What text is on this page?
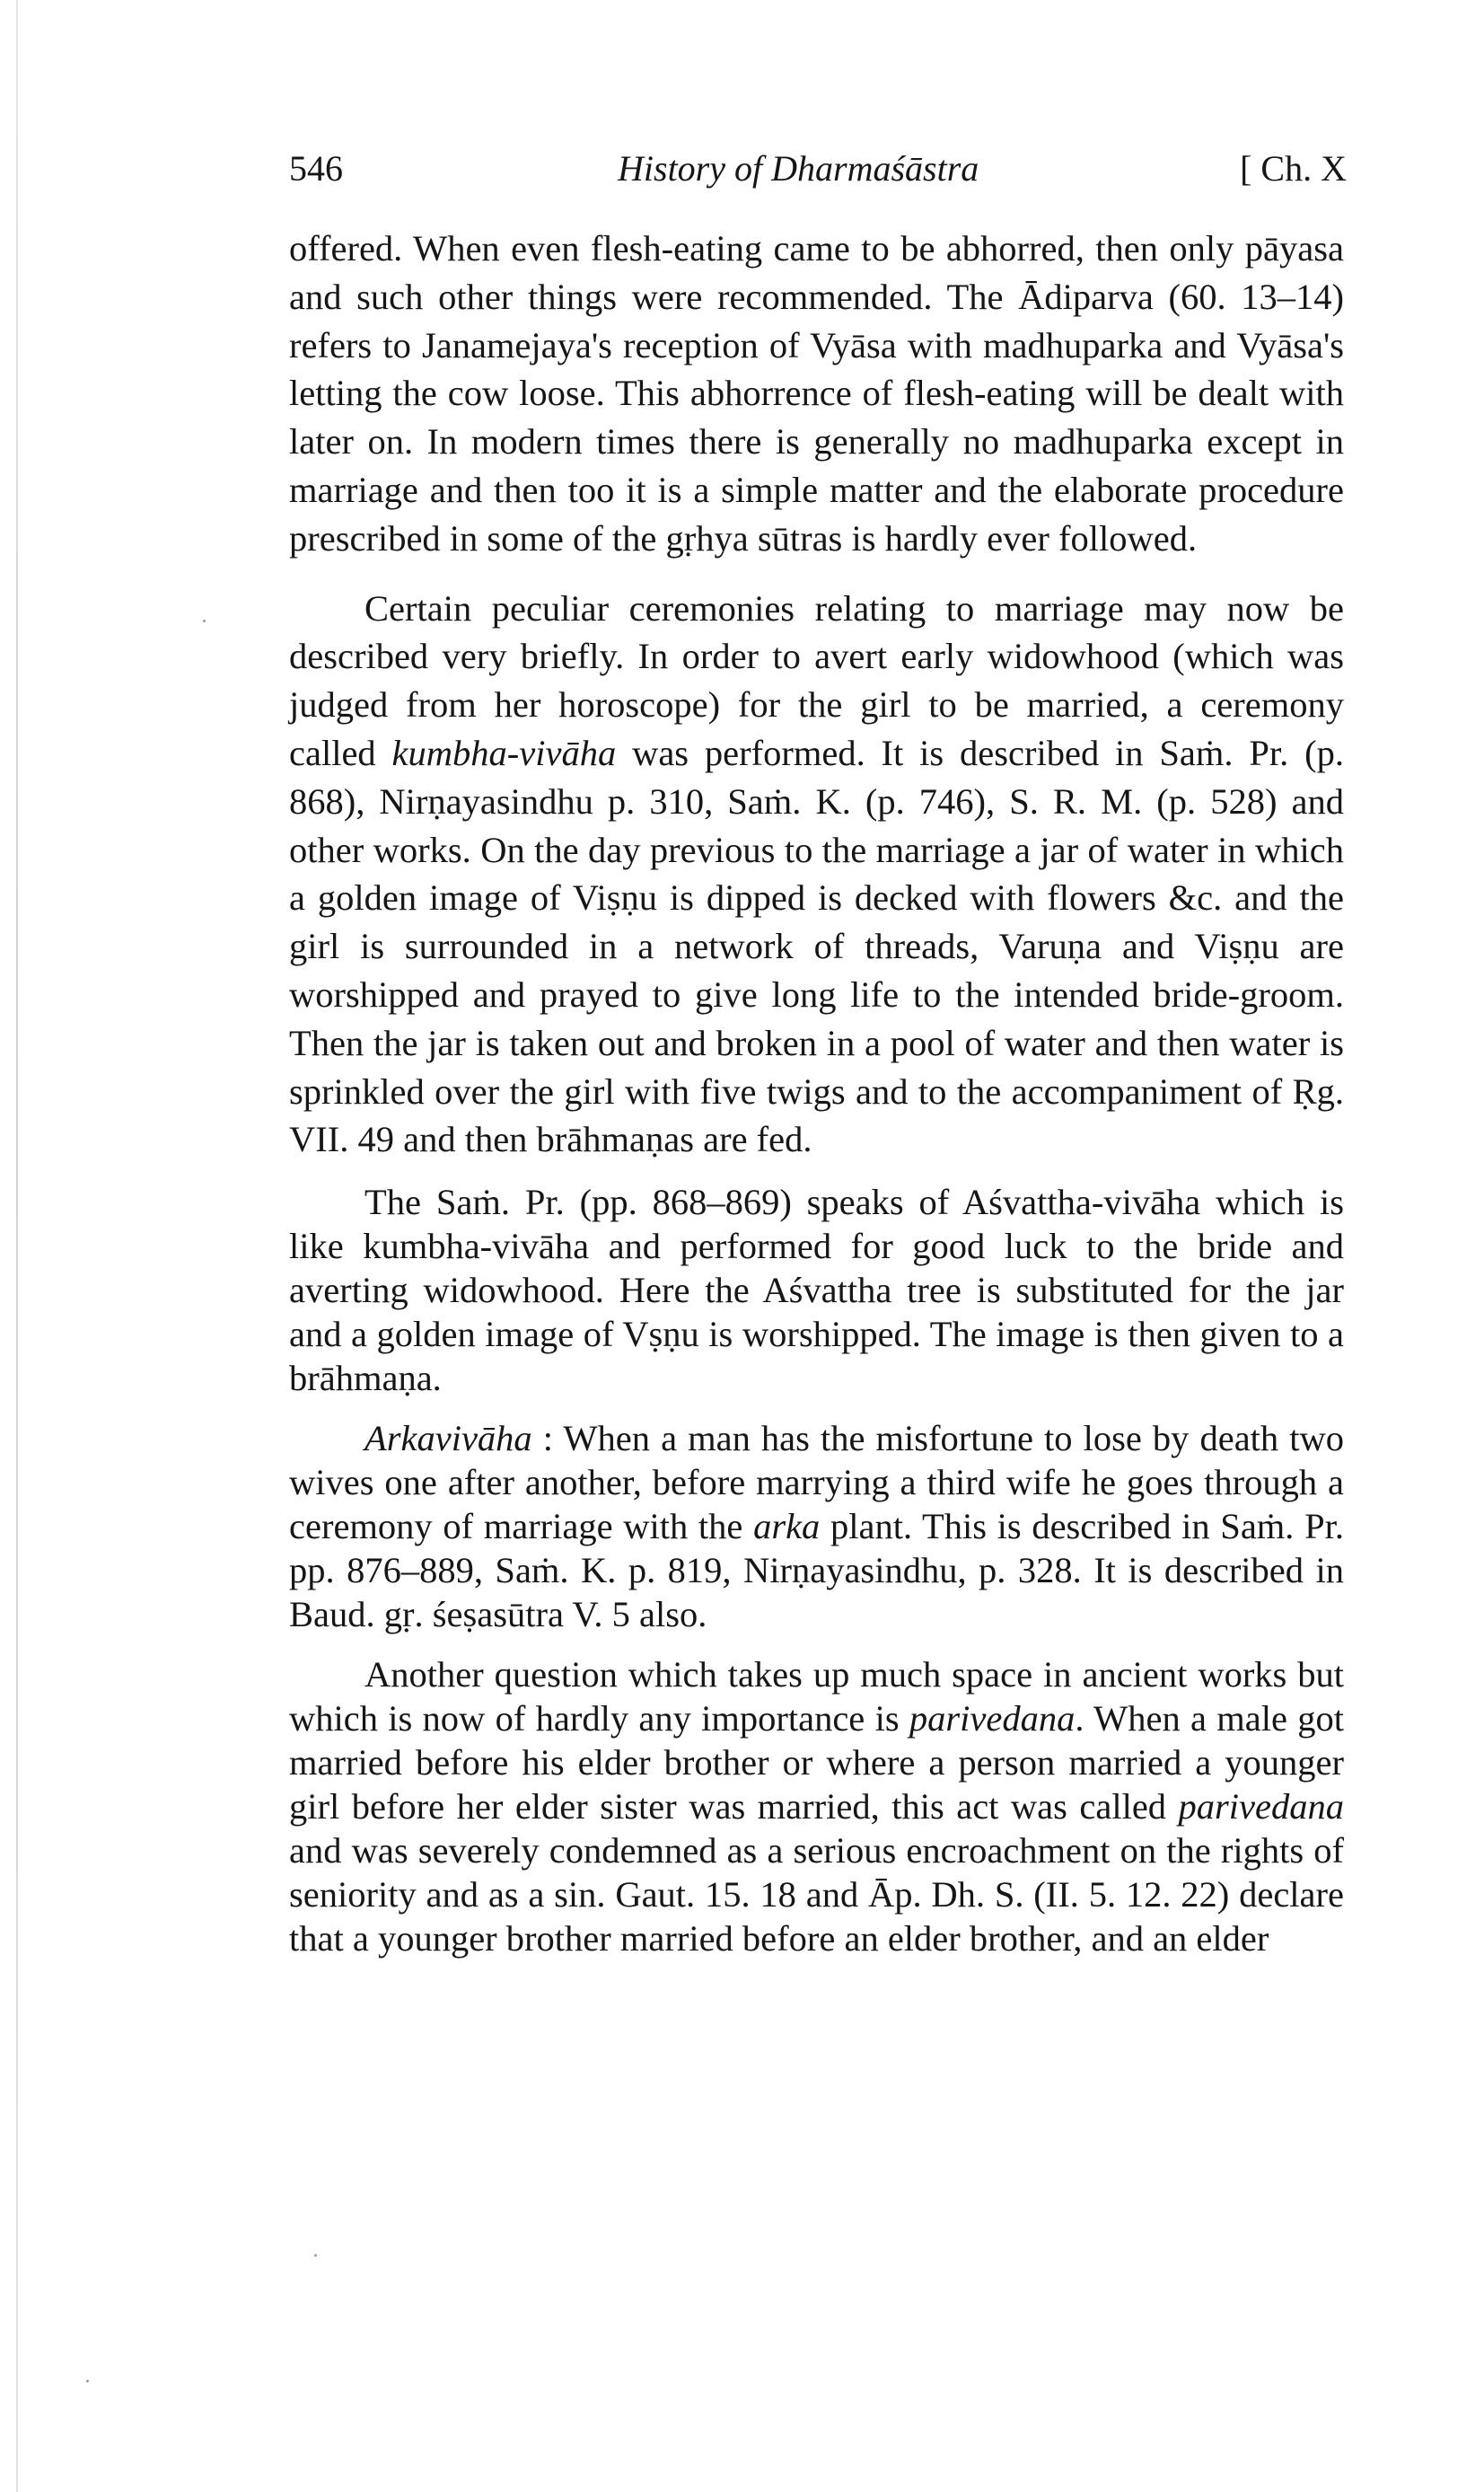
546	History of Dharmaśāstra	[ Ch. X

offered. When even flesh-eating came to be abhorred, then only pāyasa and such other things were recommended. The Ādiparva (60. 13–14) refers to Janamejaya's reception of Vyāsa with madhuparka and Vyāsa's letting the cow loose. This abhorrence of flesh-eating will be dealt with later on. In modern times there is generally no madhuparka except in marriage and then too it is a simple matter and the elaborate procedure prescribed in some of the gṛhya sūtras is hardly ever followed.

Certain peculiar ceremonies relating to marriage may now be described very briefly. In order to avert early widowhood (which was judged from her horoscope) for the girl to be married, a ceremony called kumbha-vivāha was performed. It is described in Saṁ. Pr. (p. 868), Nirṇayasindhu p. 310, Saṁ. K. (p. 746), S. R. M. (p. 528) and other works. On the day previous to the marriage a jar of water in which a golden image of Viṣṇu is dipped is decked with flowers &c. and the girl is surrounded in a network of threads, Varuṇa and Viṣṇu are worshipped and prayed to give long life to the intended bride-groom. Then the jar is taken out and broken in a pool of water and then water is sprinkled over the girl with five twigs and to the accompaniment of Ṛg. VII. 49 and then brāhmaṇas are fed.

The Saṁ. Pr. (pp. 868–869) speaks of Aśvattha-vivāha which is like kumbha-vivāha and performed for good luck to the bride and averting widowhood. Here the Aśvattha tree is substituted for the jar and a golden image of Vṣṇu is worshipped. The image is then given to a brāhmaṇa.

Arkavivāha : When a man has the misfortune to lose by death two wives one after another, before marrying a third wife he goes through a ceremony of marriage with the arka plant. This is described in Saṁ. Pr. pp. 876–889, Saṁ. K. p. 819, Nirṇayasindhu, p. 328. It is described in Baud. gṛ. śeṣasūtra V. 5 also.

Another question which takes up much space in ancient works but which is now of hardly any importance is parivedana. When a male got married before his elder brother or where a person married a younger girl before her elder sister was married, this act was called parivedana and was severely condemned as a serious encroachment on the rights of seniority and as a sin. Gaut. 15. 18 and Āp. Dh. S. (II. 5. 12. 22) declare that a younger brother married before an elder brother, and an elder
